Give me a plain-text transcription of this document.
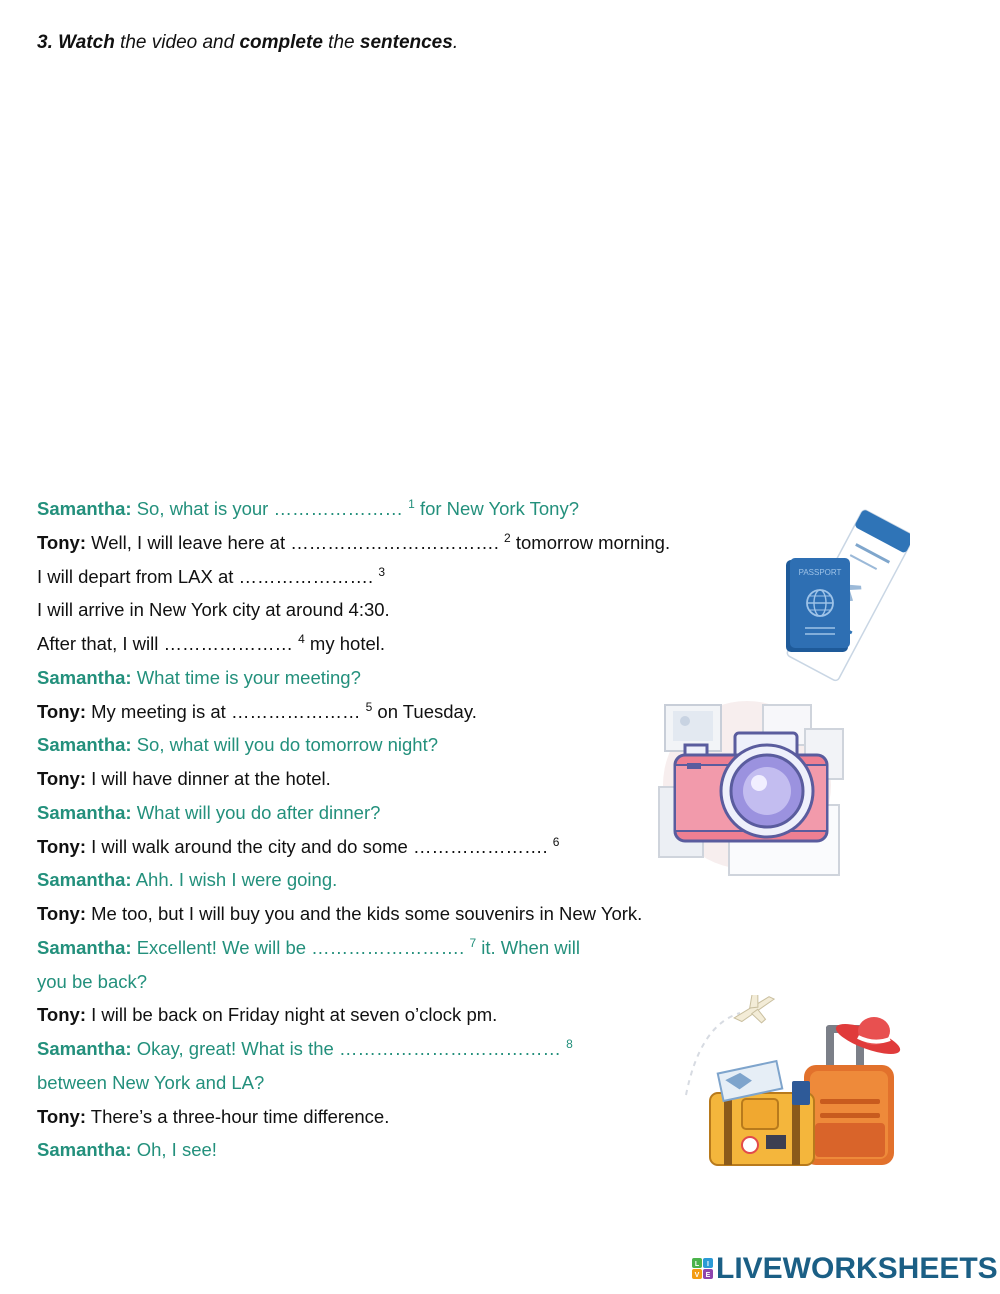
3. Watch the video and complete the sentences.
Samantha: So, what is your ………………… $^1$ for New York Tony?
Tony: Well, I will leave here at ……………………………. $^2$ tomorrow morning.
I will depart from LAX at …………………. $^3$
I will arrive in New York city at around 4:30.
After that, I will ………………… $^4$ my hotel.
Samantha: What time is your meeting?
Tony: My meeting is at ………………… $^5$ on Tuesday.
Samantha: So, what will you do tomorrow night?
Tony: I will have dinner at the hotel.
Samantha: What will you do after dinner?
Tony: I will walk around the city and do some …………………. $^6$
Samantha: Ahh. I wish I were going.
Tony: Me too, but I will buy you and the kids some souvenirs in New York.
Samantha: Excellent! We will be ……………………. $^7$ it. When will
you be back?
Tony: I will be back on Friday night at seven o’clock pm.
Samantha: Okay, great! What is the ……………………………… $^8$
between New York and LA?
Tony: There’s a three-hour time difference.
Samantha: Oh, I see!
PASSPORT
L I
V E LIVEWORKSHEETS
